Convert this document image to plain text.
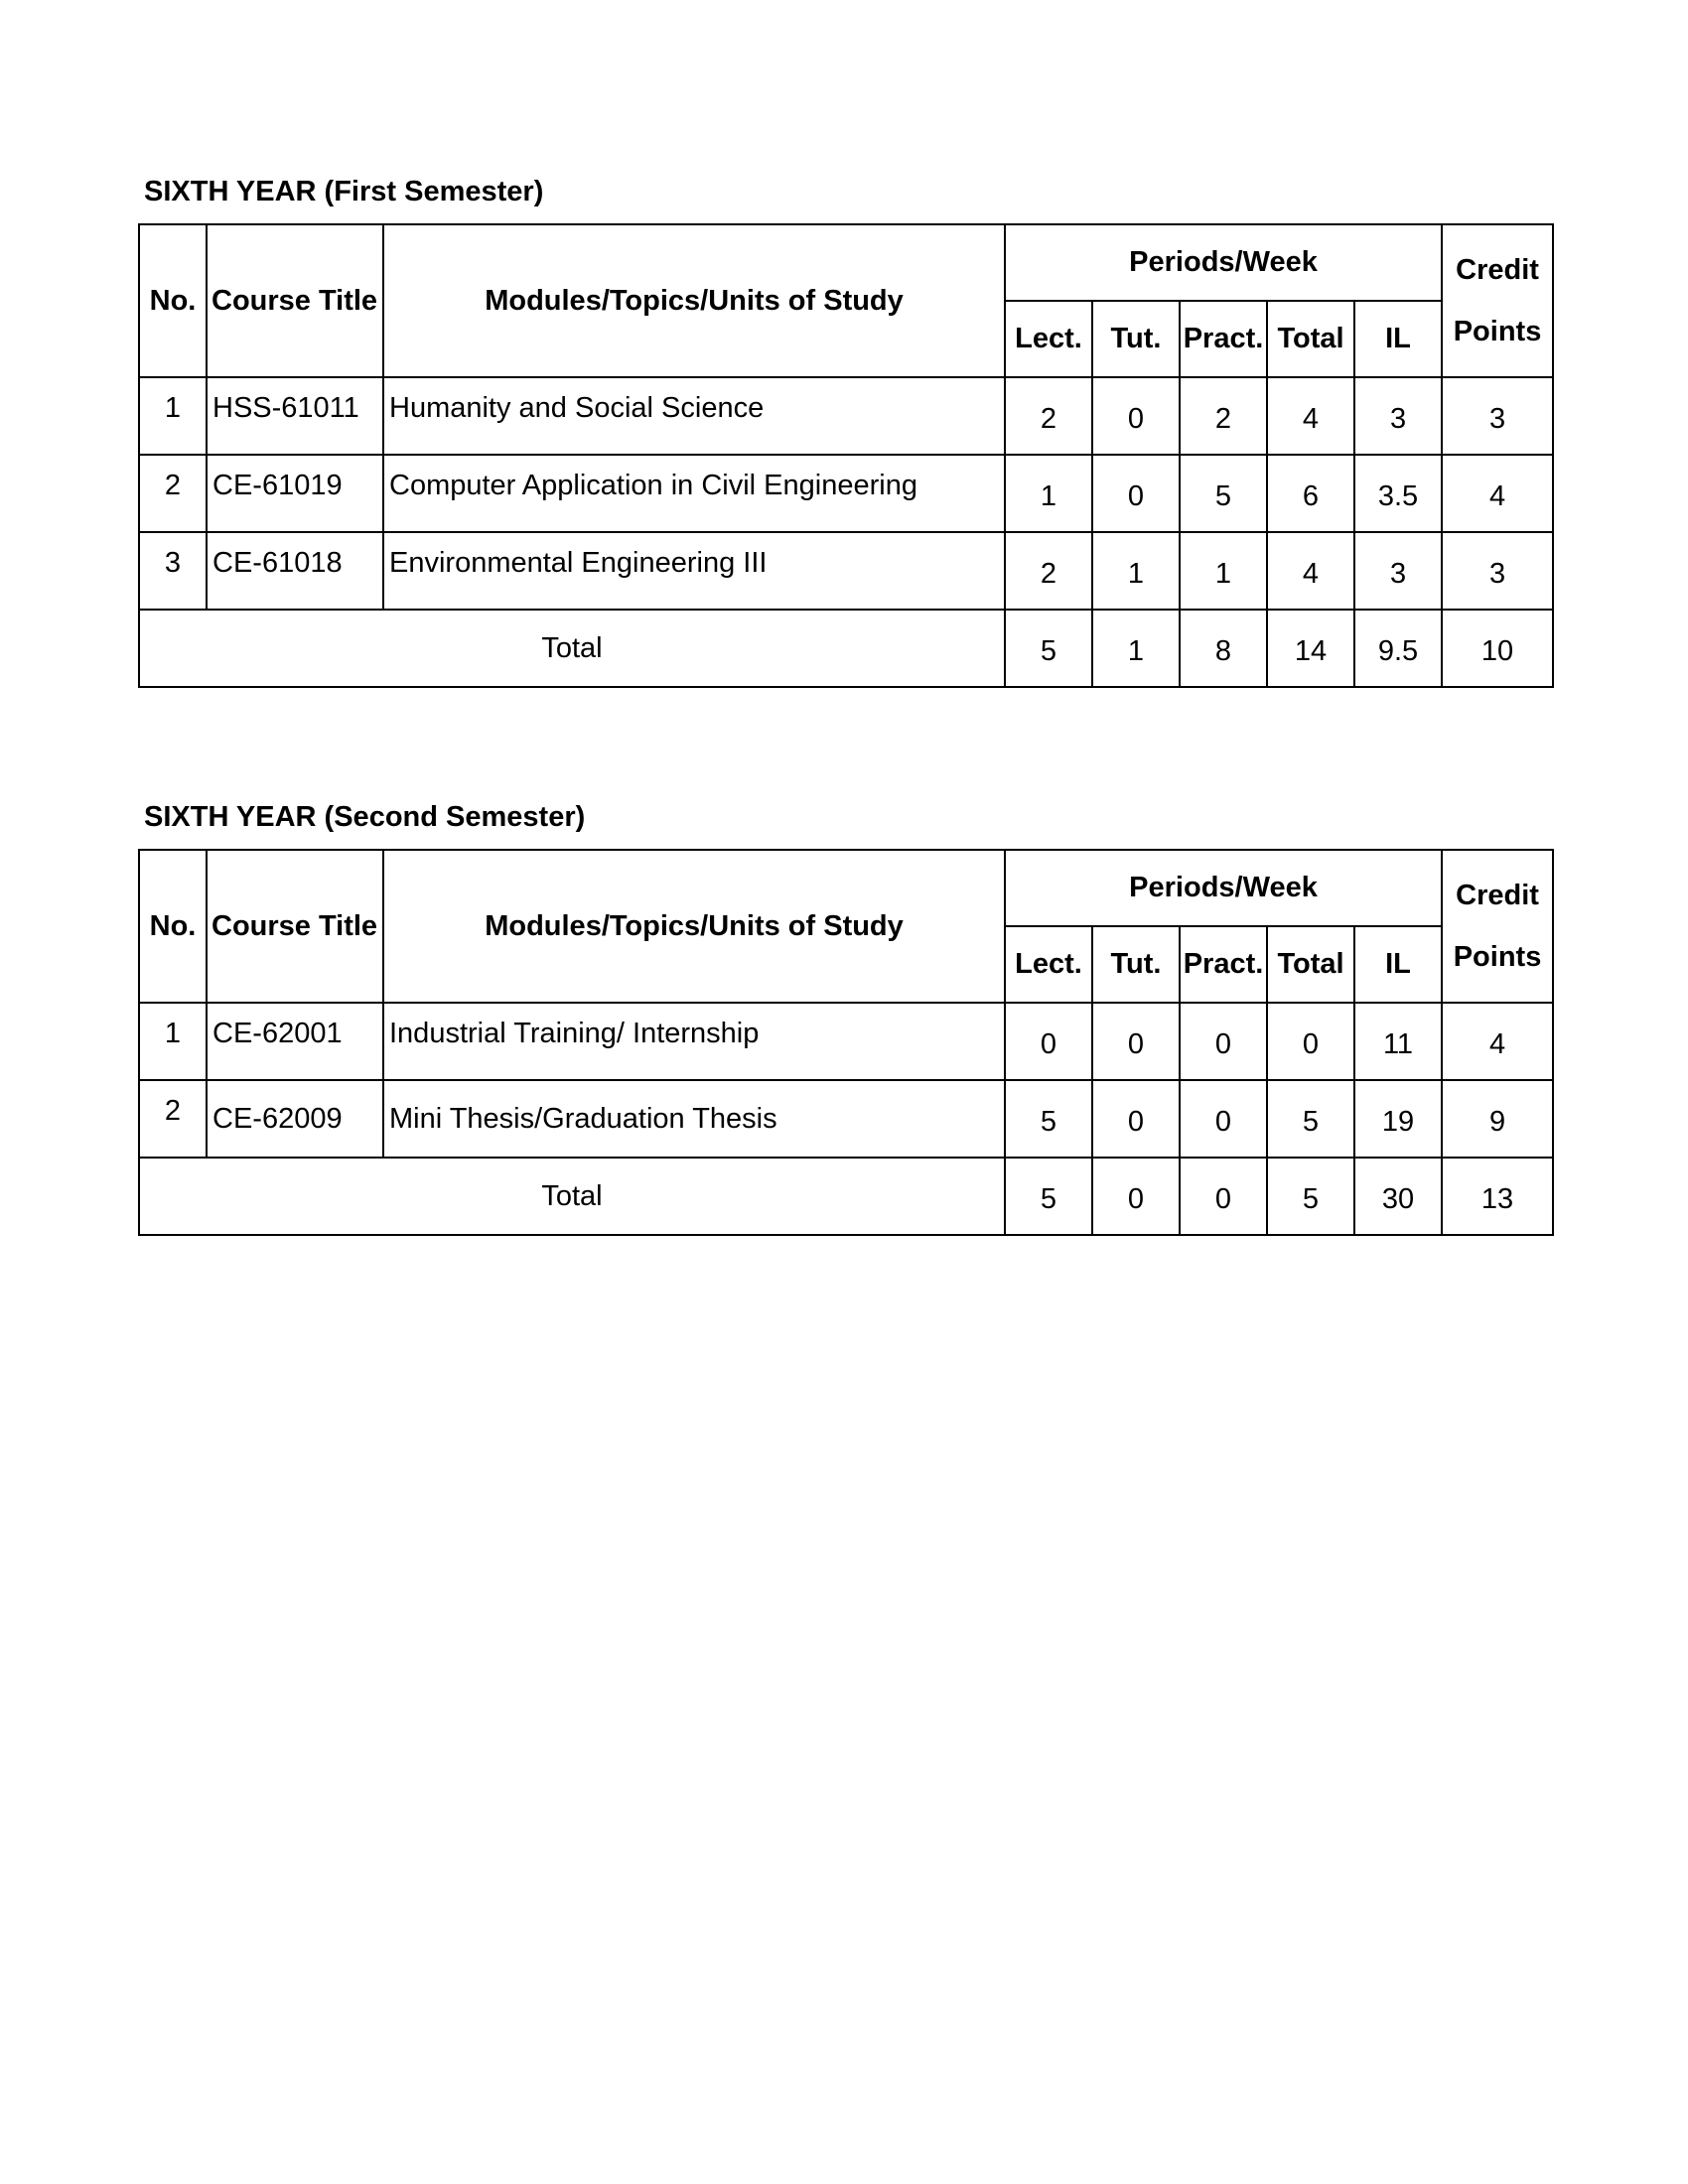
SIXTH YEAR (First Semester)
No.	Course Title	Modules/Topics/Units of Study	Periods/Week					Credit
Points

			Lect.	Tut.	Pract.	Total	IL	
1	HSS-61011	Humanity and Social Science	2	0	2	4	3	3
2	CE-61019	Computer Application in Civil Engineering	1	0	5	6	3.5	4
3	CE-61018	Environmental Engineering III	2	1	1	4	3	3
Total			5	1	8	14	9.5	10
SIXTH YEAR (Second Semester)
No.	Course Title	Modules/Topics/Units of Study	Periods/Week					Credit
Points

			Lect.	Tut.	Pract.	Total	IL	
1	CE-62001	Industrial Training/ Internship	0	0	0	0	11	4
2	CE-62009	Mini Thesis/Graduation Thesis	5	0	0	5	19	9
Total			5	0	0	5	30	13
